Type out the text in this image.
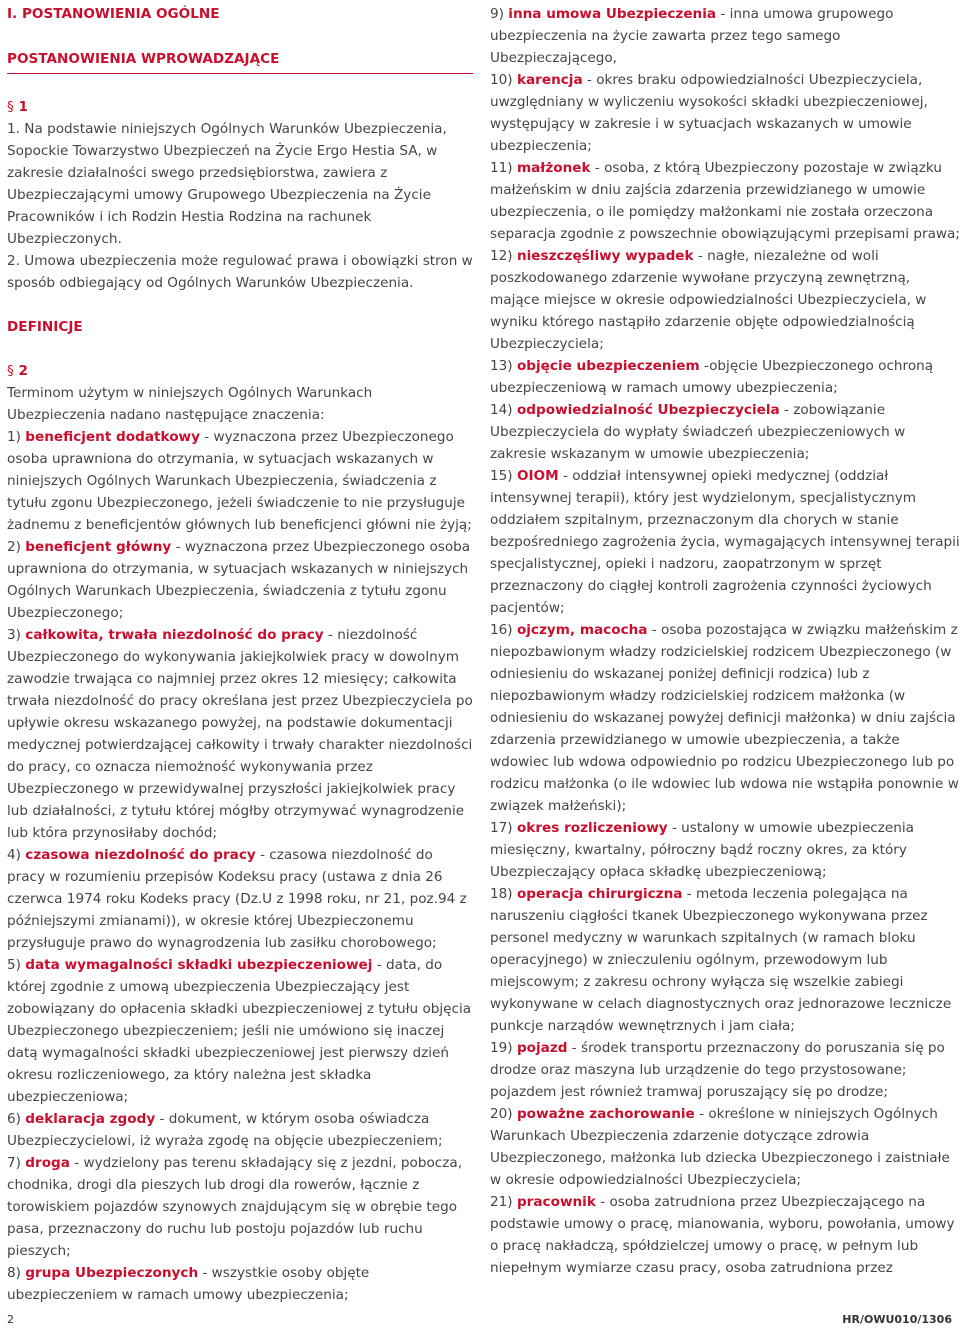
I. POSTANOWIENIA OGÓLNE
POSTANOWIENIA WPROWADZAJĄCE
§ 1

1. Na podstawie niniejszych Ogólnych Warunków Ubezpieczenia, Sopockie Towarzystwo Ubezpieczeń na Życie Ergo Hestia SA, w zakresie działalności swego przedsiębiorstwa, zawiera z Ubezpieczającymi umowy Grupowego Ubezpieczenia na Życie Pracowników i ich Rodzin Hestia Rodzina na rachunek Ubezpieczonych.

2. Umowa ubezpieczenia może regulować prawa i obowiązki stron w sposób odbiegający od Ogólnych Warunków Ubezpieczenia.

DEFINICJE
§ 2

Terminom użytym w niniejszych Ogólnych Warunkach Ubezpieczenia nadano następujące znaczenia:

1) beneficjent dodatkowy - wyznaczona przez Ubezpieczonego osoba uprawniona do otrzymania, w sytuacjach wskazanych w niniejszych Ogólnych Warunkach Ubezpieczenia, świadczenia z tytułu zgonu Ubezpieczonego, jeżeli świadczenie to nie przysługuje żadnemu z beneficjentów głównych lub beneficjenci główni nie żyją;

2) beneficjent główny - wyznaczona przez Ubezpieczonego osoba uprawniona do otrzymania, w sytuacjach wskazanych w niniejszych Ogólnych Warunkach Ubezpieczenia, świadczenia z tytułu zgonu Ubezpieczonego;

3) całkowita, trwała niezdolność do pracy - niezdolność Ubezpieczonego do wykonywania jakiejkolwiek pracy w dowolnym zawodzie trwająca co najmniej przez okres 12 miesięcy; całkowita trwała niezdolność do pracy określana jest przez Ubezpieczyciela po upływie okresu wskazanego powyżej, na podstawie dokumentacji medycznej potwierdzającej całkowity i trwały charakter niezdolności do pracy, co oznacza niemożność wykonywania przez Ubezpieczonego w przewidywalnej przyszłości jakiejkolwiek pracy lub działalności, z tytułu której mógłby otrzymywać wynagrodzenie lub która przynosiłaby dochód;

4) czasowa niezdolność do pracy - czasowa niezdolność do pracy w rozumieniu przepisów Kodeksu pracy (ustawa z dnia 26 czerwca 1974 roku Kodeks pracy (Dz.U z 1998 roku, nr 21, poz.94 z późniejszymi zmianami)), w okresie której Ubezpieczonemu przysługuje prawo do wynagrodzenia lub zasiłku chorobowego;

5) data wymagalności składki ubezpieczeniowej - data, do której zgodnie z umową ubezpieczenia Ubezpieczający jest zobowiązany do opłacenia składki ubezpieczeniowej z tytułu objęcia Ubezpieczonego ubezpieczeniem; jeśli nie umówiono się inaczej datą wymagalności składki ubezpieczeniowej jest pierwszy dzień okresu rozliczeniowego, za który należna jest składka ubezpieczeniowa;

6) deklaracja zgody - dokument, w którym osoba oświadcza Ubezpieczycielowi, iż wyraża zgodę na objęcie ubezpieczeniem;

7) droga - wydzielony pas terenu składający się z jezdni, pobocza, chodnika, drogi dla pieszych lub drogi dla rowerów, łącznie z torowiskiem pojazdów szynowych znajdującym się w obrębie tego pasa, przeznaczony do ruchu lub postoju pojazdów lub ruchu pieszych;

8) grupa Ubezpieczonych - wszystkie osoby objęte ubezpieczeniem w ramach umowy ubezpieczenia;

9) inna umowa Ubezpieczenia - inna umowa grupowego ubezpieczenia na życie zawarta przez tego samego Ubezpieczającego,

10) karencja - okres braku odpowiedzialności Ubezpieczyciela, uwzględniany w wyliczeniu wysokości składki ubezpieczeniowej, występujący w zakresie i w sytuacjach wskazanych w umowie ubezpieczenia;

11) małżonek - osoba, z którą Ubezpieczony pozostaje w związku małżeńskim w dniu zajścia zdarzenia przewidzianego w umowie ubezpieczenia, o ile pomiędzy małżonkami nie została orzeczona separacja zgodnie z powszechnie obowiązującymi przepisami prawa;

12) nieszczęśliwy wypadek - nagłe, niezależne od woli poszkodowanego zdarzenie wywołane przyczyną zewnętrzną, mające miejsce w okresie odpowiedzialności Ubezpieczyciela, w wyniku którego nastąpiło zdarzenie objęte odpowiedzialnością Ubezpieczyciela;

13) objęcie ubezpieczeniem -objęcie Ubezpieczonego ochroną ubezpieczeniową w ramach umowy ubezpieczenia;

14) odpowiedzialność Ubezpieczyciela - zobowiązanie Ubezpieczyciela do wypłaty świadczeń ubezpieczeniowych w zakresie wskazanym w umowie ubezpieczenia;

15) OIOM - oddział intensywnej opieki medycznej (oddział intensywnej terapii), który jest wydzielonym, specjalistycznym oddziałem szpitalnym, przeznaczonym dla chorych w stanie bezpośredniego zagrożenia życia, wymagających intensywnej terapii specjalistycznej, opieki i nadzoru, zaopatrzonym w sprzęt przeznaczony do ciągłej kontroli zagrożenia czynności życiowych pacjentów;

16) ojczym, macocha - osoba pozostająca w związku małżeńskim z niepozbawionym władzy rodzicielskiej rodzicem Ubezpieczonego (w odniesieniu do wskazanej poniżej definicji rodzica) lub z niepozbawionym władzy rodzicielskiej rodzicem małżonka (w odniesieniu do wskazanej powyżej definicji małżonka) w dniu zajścia zdarzenia przewidzianego w umowie ubezpieczenia, a także wdowiec lub wdowa odpowiednio po rodzicu Ubezpieczonego lub po rodzicu małżonka (o ile wdowiec lub wdowa nie wstąpiła ponownie w związek małżeński);

17) okres rozliczeniowy - ustalony w umowie ubezpieczenia miesięczny, kwartalny, półroczny bądź roczny okres, za który Ubezpieczający opłaca składkę ubezpieczeniową;

18) operacja chirurgiczna - metoda leczenia polegająca na naruszeniu ciągłości tkanek Ubezpieczonego wykonywana przez personel medyczny w warunkach szpitalnych (w ramach bloku operacyjnego) w znieczuleniu ogólnym, przewodowym lub miejscowym; z zakresu ochrony wyłącza się wszelkie zabiegi wykonywane w celach diagnostycznych oraz jednorazowe leczniczе punkcje narządów wewnętrznych i jam ciała;

19) pojazd - środek transportu przeznaczony do poruszania się po drodze oraz maszyna lub urządzenie do tego przystosowane; pojazdem jest również tramwaj poruszający się po drodze;

20) poważne zachorowanie - określone w niniejszych Ogólnych Warunkach Ubezpieczenia zdarzenie dotyczące zdrowia Ubezpieczonego, małżonka lub dziecka Ubezpieczonego i zaistniałe w okresie odpowiedzialności Ubezpieczyciela;

21) pracownik - osoba zatrudniona przez Ubezpieczającego na podstawie umowy o pracę, mianowania, wyboru, powołania, umowy o pracę nakładczą, spółdzielczej umowy o pracę, w pełnym lub niepełnym wymiarze czasu pracy, osoba zatrudniona przez

2	HR/OWU010/1306
